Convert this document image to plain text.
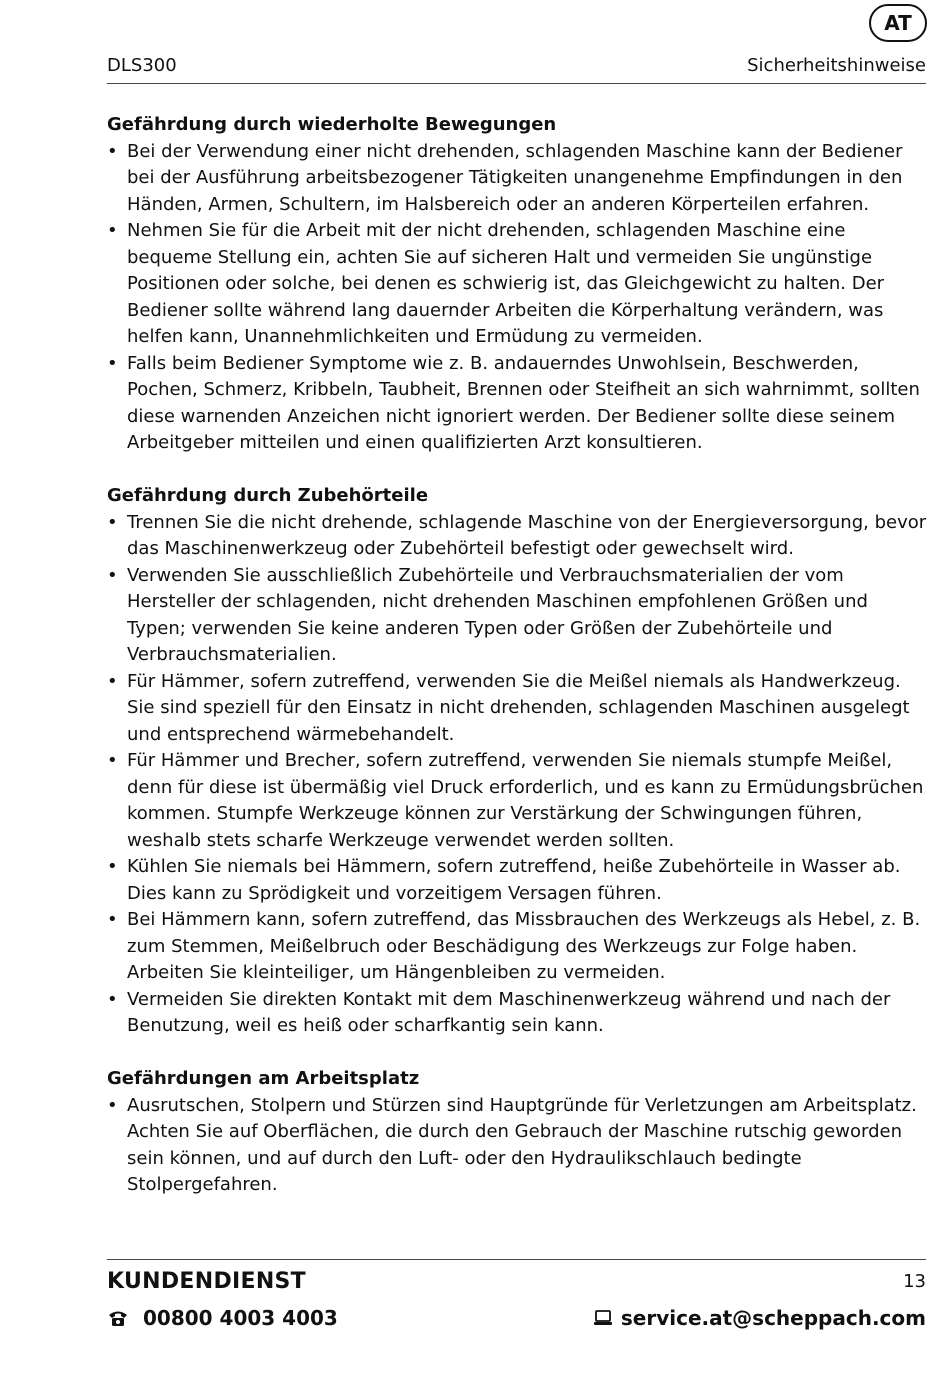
AT
DLS300	Sicherheitshinweise

Gefährdung durch wiederholte Bewegungen

• Bei der Verwendung einer nicht drehenden, schlagenden Maschine kann der Bediener bei der Ausführung arbeitsbezogener Tätigkeiten unangenehme Empfindungen in den Händen, Armen, Schultern, im Halsbereich oder an anderen Körperteilen erfahren.
• Nehmen Sie für die Arbeit mit der nicht drehenden, schlagenden Maschine eine bequeme Stellung ein, achten Sie auf sicheren Halt und vermeiden Sie ungünstige Positionen oder solche, bei denen es schwierig ist, das Gleichgewicht zu halten. Der Bediener sollte während lang dauernder Arbeiten die Körperhaltung verändern, was helfen kann, Unannehmlichkeiten und Ermüdung zu vermeiden.
• Falls beim Bediener Symptome wie z. B. andauerndes Unwohlsein, Beschwerden, Pochen, Schmerz, Kribbeln, Taubheit, Brennen oder Steifheit an sich wahrnimmt, sollten diese warnenden Anzeichen nicht ignoriert werden. Der Bediener sollte diese seinem Arbeitgeber mitteilen und einen qualifizierten Arzt konsultieren.

Gefährdung durch Zubehörteile

• Trennen Sie die nicht drehende, schlagende Maschine von der Energieversorgung, bevor das Maschinenwerkzeug oder Zubehörteil befestigt oder gewechselt wird.
• Verwenden Sie ausschließlich Zubehörteile und Verbrauchsmaterialien der vom Hersteller der schlagenden, nicht drehenden Maschinen empfohlenen Größen und Typen; verwenden Sie keine anderen Typen oder Größen der Zubehörteile und Verbrauchsmaterialien.
• Für Hämmer, sofern zutreffend, verwenden Sie die Meißel niemals als Handwerkzeug. Sie sind speziell für den Einsatz in nicht drehenden, schlagenden Maschinen ausgelegt und entsprechend wärmebehandelt.
• Für Hämmer und Brecher, sofern zutreffend, verwenden Sie niemals stumpfe Meißel, denn für diese ist übermäßig viel Druck erforderlich, und es kann zu Ermüdungsbrüchen kommen. Stumpfe Werkzeuge können zur Verstärkung der Schwingungen führen, weshalb stets scharfe Werkzeuge verwendet werden sollten.
• Kühlen Sie niemals bei Hämmern, sofern zutreffend, heiße Zubehörteile in Wasser ab. Dies kann zu Sprödigkeit und vorzeitigem Versagen führen.
• Bei Hämmern kann, sofern zutreffend, das Missbrauchen des Werkzeugs als Hebel, z. B. zum Stemmen, Meißelbruch oder Beschädigung des Werkzeugs zur Folge haben. Arbeiten Sie kleinteiliger, um Hängenbleiben zu vermeiden.
• Vermeiden Sie direkten Kontakt mit dem Maschinenwerkzeug während und nach der Benutzung, weil es heiß oder scharfkantig sein kann.

Gefährdungen am Arbeitsplatz

• Ausrutschen, Stolpern und Stürzen sind Hauptgründe für Verletzungen am Arbeitsplatz. Achten Sie auf Oberflächen, die durch den Gebrauch der Maschine rutschig geworden sein können, und auf durch den Luft- oder den Hydraulikschlauch bedingte Stolpergefahren.
KUNDENDIENST	13
00800 4003 4003	service.at@scheppach.com
